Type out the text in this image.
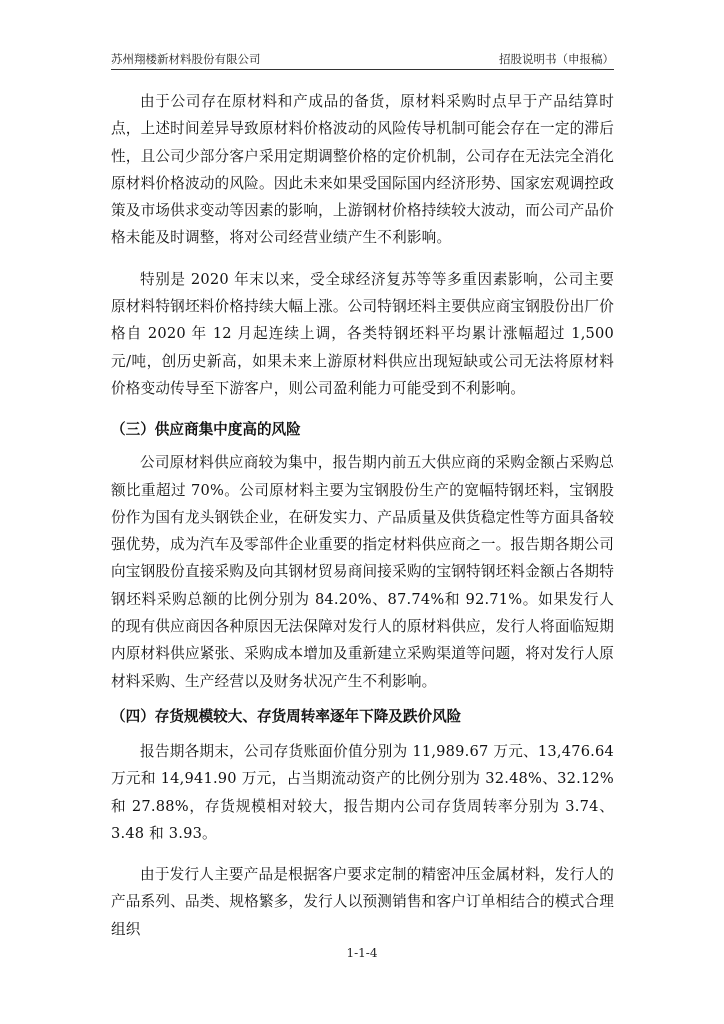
苏州翔楼新材料股份有限公司	招股说明书（申报稿）

由于公司存在原材料和产成品的备货，原材料采购时点早于产品结算时点，上述时间差异导致原材料价格波动的风险传导机制可能会存在一定的滞后性，且公司少部分客户采用定期调整价格的定价机制，公司存在无法完全消化原材料价格波动的风险。因此未来如果受国际国内经济形势、国家宏观调控政策及市场供求变动等因素的影响，上游钢材价格持续较大波动，而公司产品价格未能及时调整，将对公司经营业绩产生不利影响。

特别是 2020 年末以来，受全球经济复苏等等多重因素影响，公司主要原材料特钢坯料价格持续大幅上涨。公司特钢坯料主要供应商宝钢股份出厂价格自 2020 年 12 月起连续上调，各类特钢坯料平均累计涨幅超过 1,500 元/吨，创历史新高，如果未来上游原材料供应出现短缺或公司无法将原材料价格变动传导至下游客户，则公司盈利能力可能受到不利影响。

（三）供应商集中度高的风险

公司原材料供应商较为集中，报告期内前五大供应商的采购金额占采购总额比重超过 70%。公司原材料主要为宝钢股份生产的宽幅特钢坯料，宝钢股份作为国有龙头钢铁企业，在研发实力、产品质量及供货稳定性等方面具备较强优势，成为汽车及零部件企业重要的指定材料供应商之一。报告期各期公司向宝钢股份直接采购及向其钢材贸易商间接采购的宝钢特钢坯料金额占各期特钢坯料采购总额的比例分别为 84.20%、87.74%和 92.71%。如果发行人的现有供应商因各种原因无法保障对发行人的原材料供应，发行人将面临短期内原材料供应紧张、采购成本增加及重新建立采购渠道等问题，将对发行人原材料采购、生产经营以及财务状况产生不利影响。

（四）存货规模较大、存货周转率逐年下降及跌价风险

报告期各期末，公司存货账面价值分别为 11,989.67 万元、13,476.64 万元和 14,941.90 万元，占当期流动资产的比例分别为 32.48%、32.12%和 27.88%，存货规模相对较大，报告期内公司存货周转率分别为 3.74、3.48 和 3.93。

由于发行人主要产品是根据客户要求定制的精密冲压金属材料，发行人的产品系列、品类、规格繁多，发行人以预测销售和客户订单相结合的模式合理组织

1-1-4
